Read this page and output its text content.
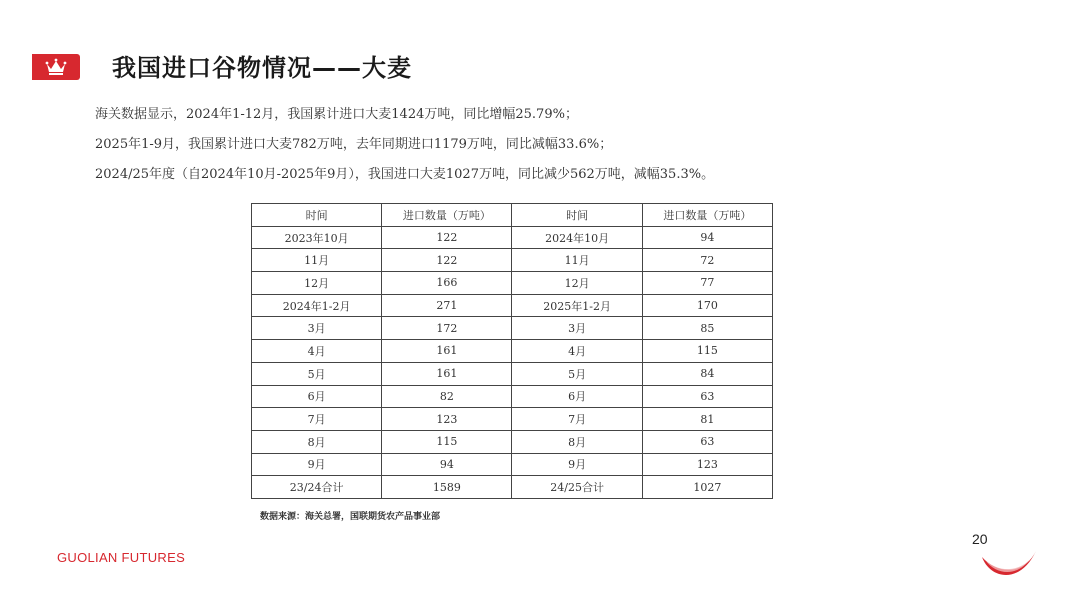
我国进口谷物情况——大麦
海关数据显示，2024年1-12月，我国累计进口大麦1424万吨，同比增幅25.79%；
2025年1-9月，我国累计进口大麦782万吨，去年同期进口1179万吨，同比减幅33.6%；
2024/25年度（自2024年10月-2025年9月），我国进口大麦1027万吨，同比减少562万吨，减幅35.3%。
时间	进口数量（万吨）	时间	进口数量（万吨）
2023年10月	122	2024年10月	94
11月	122	11月	72
12月	166	12月	77
2024年1-2月	271	2025年1-2月	170
3月	172	3月	85
4月	161	4月	115
5月	161	5月	84
6月	82	6月	63
7月	123	7月	81
8月	115	8月	63
9月	94	9月	123
23/24合计	1589	24/25合计	1027
数据来源：海关总署，国联期货农产品事业部
20
GUOLIAN FUTURES
